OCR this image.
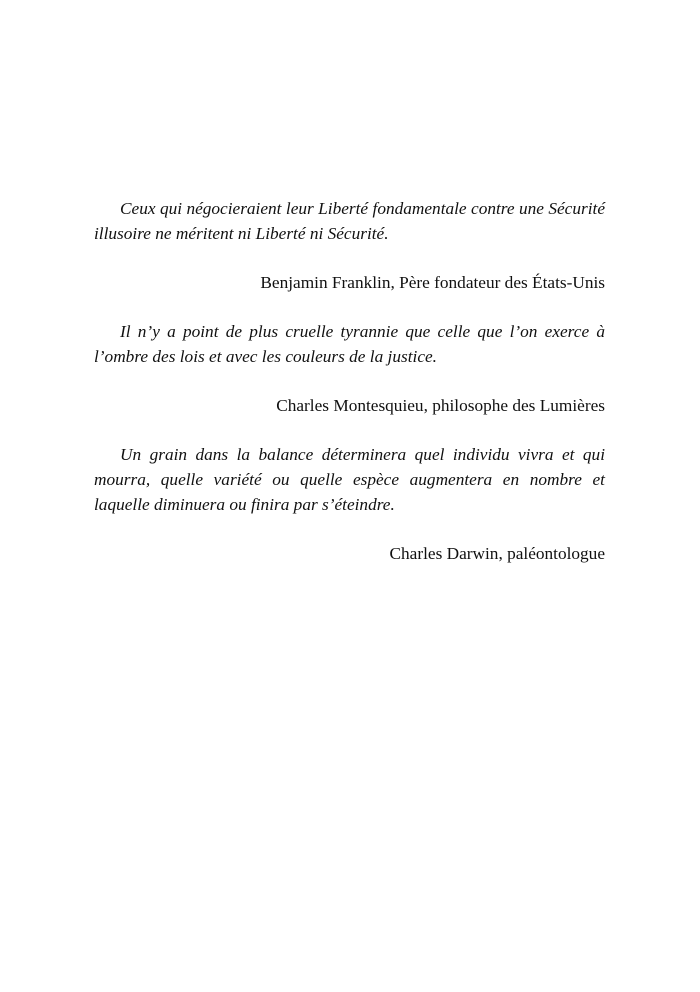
Ceux qui négocieraient leur Liberté fondamentale contre une Sécurité illusoire ne méritent ni Liberté ni Sécurité.

Benjamin Franklin, Père fondateur des États-Unis

Il n’y a point de plus cruelle tyrannie que celle que l’on exerce à l’ombre des lois et avec les couleurs de la justice.

Charles Montesquieu, philosophe des Lumières

Un grain dans la balance déterminera quel individu vivra et qui mourra, quelle variété ou quelle espèce augmentera en nombre et laquelle diminuera ou finira par s’éteindre.

Charles Darwin, paléontologue
